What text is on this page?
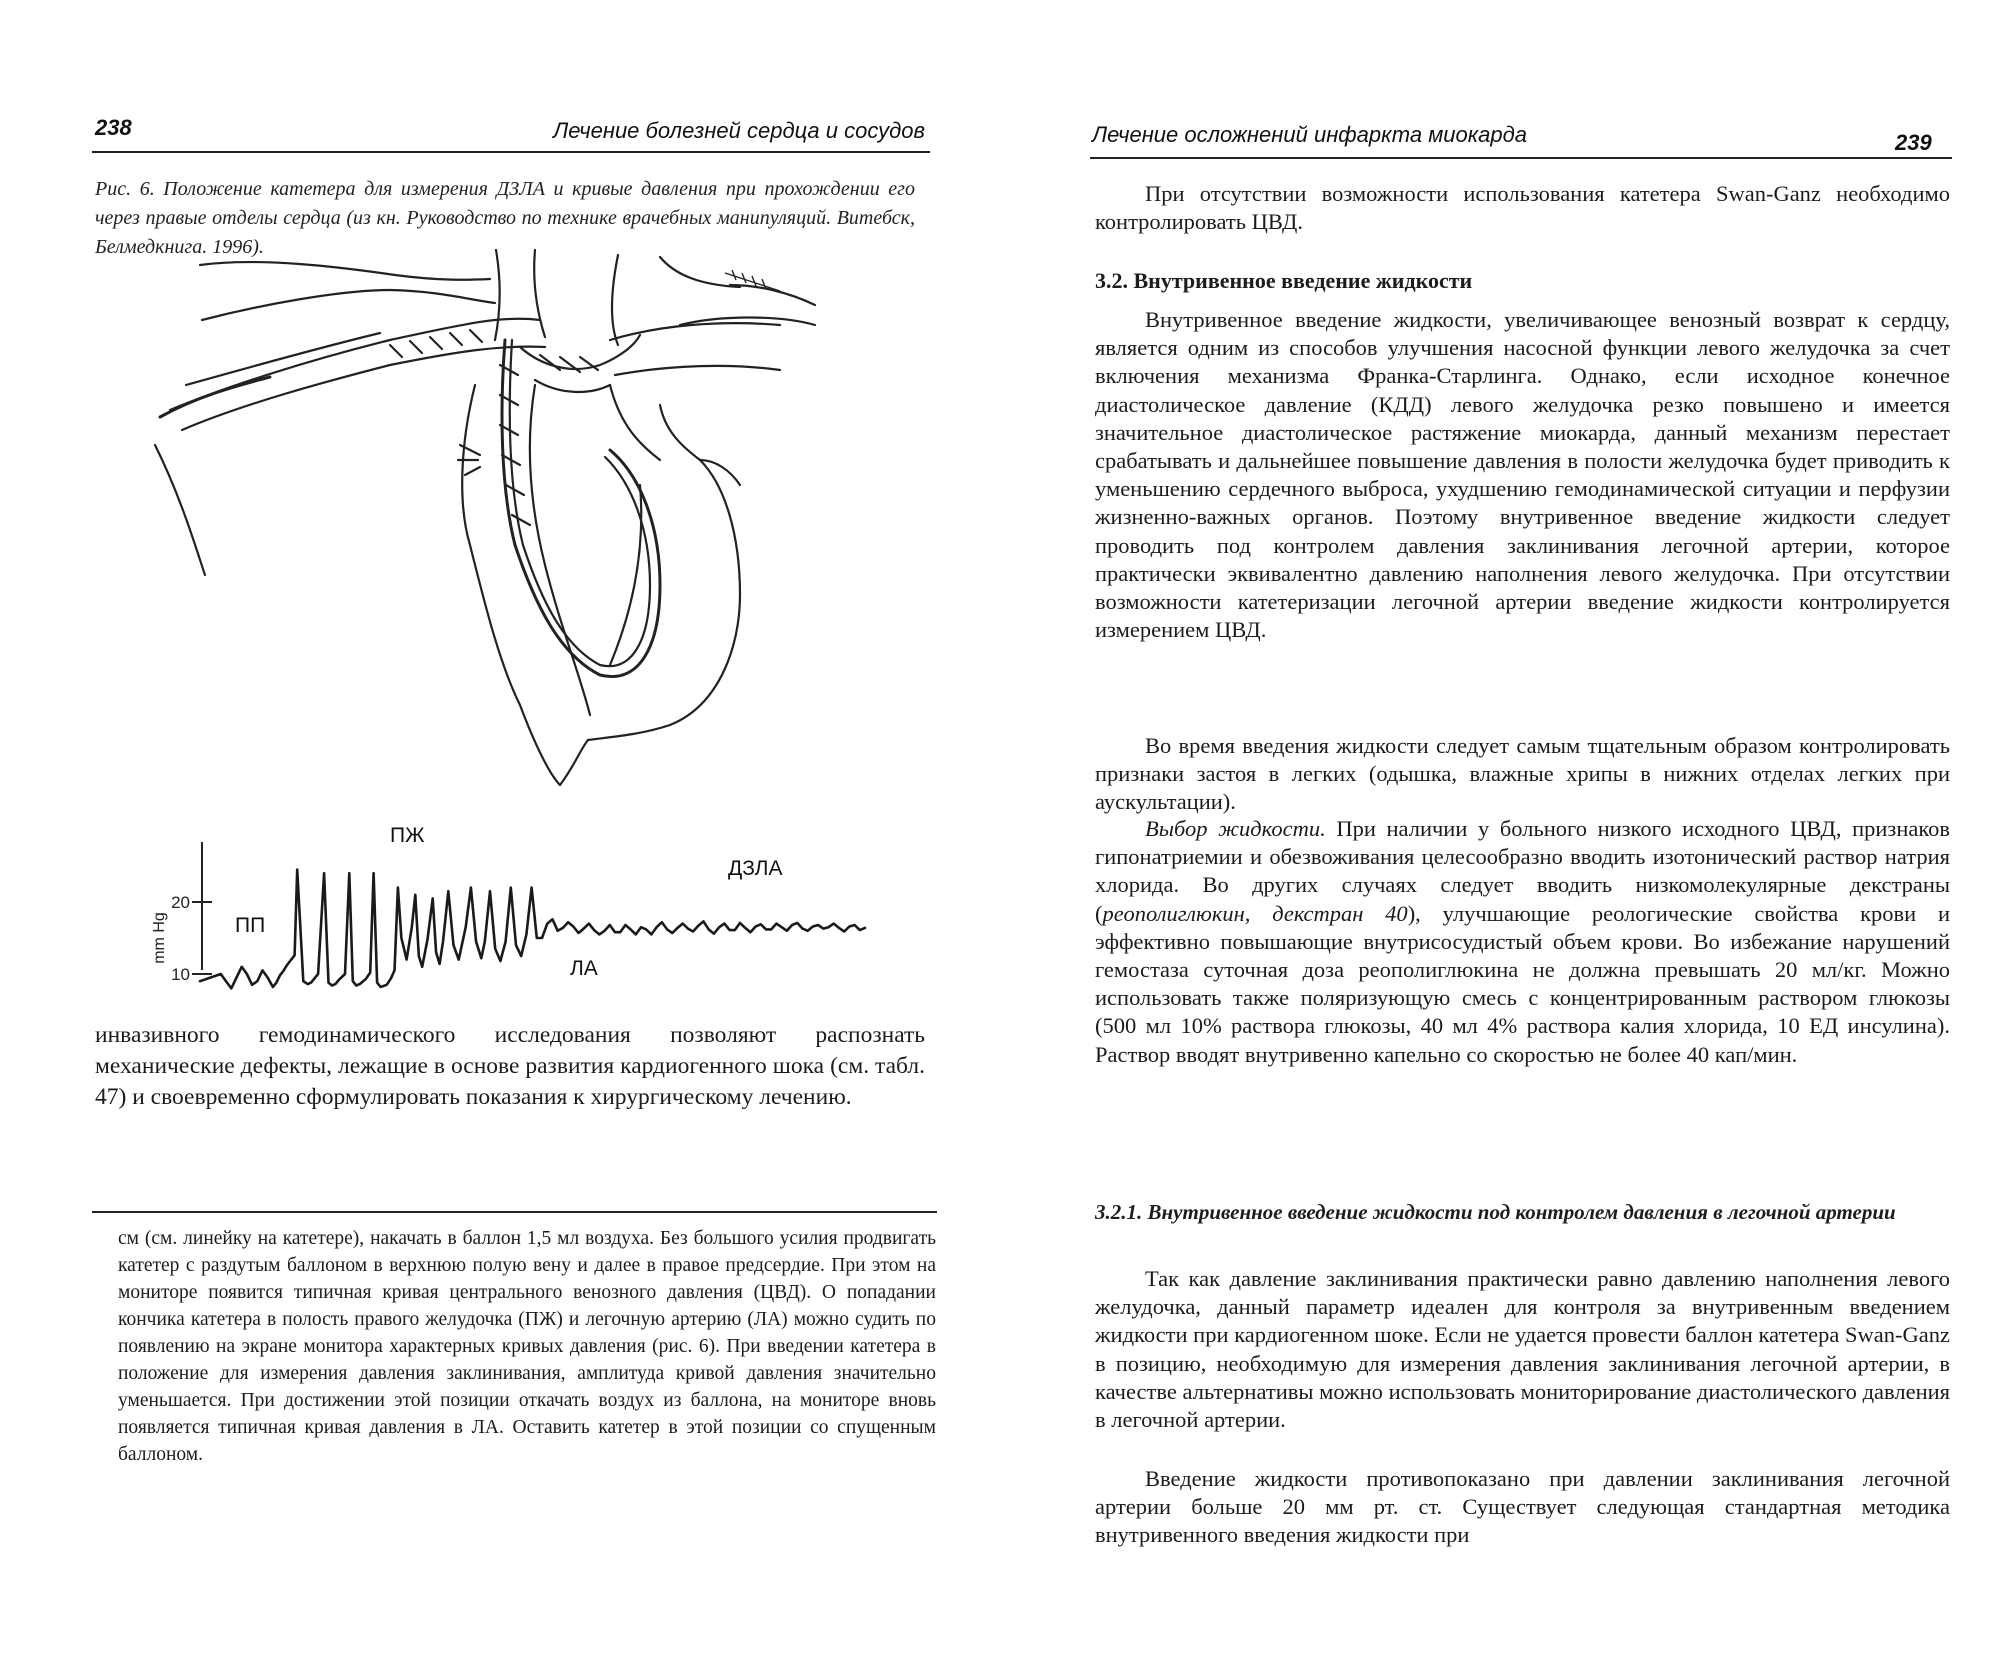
238	Лечение болезней сердца и сосудов
Рис. 6. Положение катетера для измерения ДЗЛА и кривые давления при прохождении его через правые отделы сердца (из кн. Руководство по технике врачебных манипуляций. Витебск, Белмедкнига. 1996).
mm Hg
20
10
ПП
ПЖ
ЛА
ДЗЛА
инвазивного гемодинамического исследования позволяют распознать механические дефекты, лежащие в основе развития кардиогенного шока (см. табл. 47) и своевременно сформулировать показания к хирургическому лечению.
см (см. линейку на катетере), накачать в баллон 1,5 мл воздуха. Без большого усилия продвигать катетер с раздутым баллоном в верхнюю полую вену и далее в правое предсердие. При этом на мониторе появится типичная кривая центрального венозного давления (ЦВД). О попадании кончика катетера в полость правого желудочка (ПЖ) и легочную артерию (ЛА) можно судить по появлению на экране монитора характерных кривых давления (рис. 6). При введении катетера в положение для измерения давления заклинивания, амплитуда кривой давления значительно уменьшается. При достижении этой позиции откачать воздух из баллона, на мониторе вновь появляется типичная кривая давления в ЛА. Оставить катетер в этой позиции со спущенным баллоном.
Лечение осложнений инфаркта миокарда	239
При отсутствии возможности использования катетера Swan-Ganz необходимо контролировать ЦВД.
3.2. Внутривенное введение жидкости
Внутривенное введение жидкости, увеличивающее венозный возврат к сердцу, является одним из способов улучшения насосной функции левого желудочка за счет включения механизма Франка-Старлинга. Однако, если исходное конечное диастолическое давление (КДД) левого желудочка резко повышено и имеется значительное диастолическое растяжение миокарда, данный механизм перестает срабатывать и дальнейшее повышение давления в полости желудочка будет приводить к уменьшению сердечного выброса, ухудшению гемодинамической ситуации и перфузии жизненно-важных органов. Поэтому внутривенное введение жидкости следует проводить под контролем давления заклинивания легочной артерии, которое практически эквивалентно давлению наполнения левого желудочка. При отсутствии возможности катетеризации легочной артерии введение жидкости контролируется измерением ЦВД.
Во время введения жидкости следует самым тщательным образом контролировать признаки застоя в легких (одышка, влажные хрипы в нижних отделах легких при аускультации).
Выбор жидкости. При наличии у больного низкого исходного ЦВД, признаков гипонатриемии и обезвоживания целесообразно вводить изотонический раствор натрия хлорида. Во других случаях следует вводить низкомолекулярные декстраны (реополиглюкин, декстран 40), улучшающие реологические свойства крови и эффективно повышающие внутрисосудистый объем крови. Во избежание нарушений гемостаза суточная доза реополиглюкина не должна превышать 20 мл/кг. Можно использовать также поляризующую смесь с концентрированным раствором глюкозы (500 мл 10% раствора глюкозы, 40 мл 4% раствора калия хлорида, 10 ЕД инсулина). Раствор вводят внутривенно капельно со скоростью не более 40 кап/мин.
3.2.1. Внутривенное введение жидкости под контролем давления в легочной артерии
Так как давление заклинивания практически равно давлению наполнения левого желудочка, данный параметр идеален для контроля за внутривенным введением жидкости при кардиогенном шоке. Если не удается провести баллон катетера Swan-Ganz в позицию, необходимую для измерения давления заклинивания легочной артерии, в качестве альтернативы можно использовать мониторирование диастолического давления в легочной артерии.
Введение жидкости противопоказано при давлении заклинивания легочной артерии больше 20 мм рт. ст. Существует следующая стандартная методика внутривенного введения жидкости при
